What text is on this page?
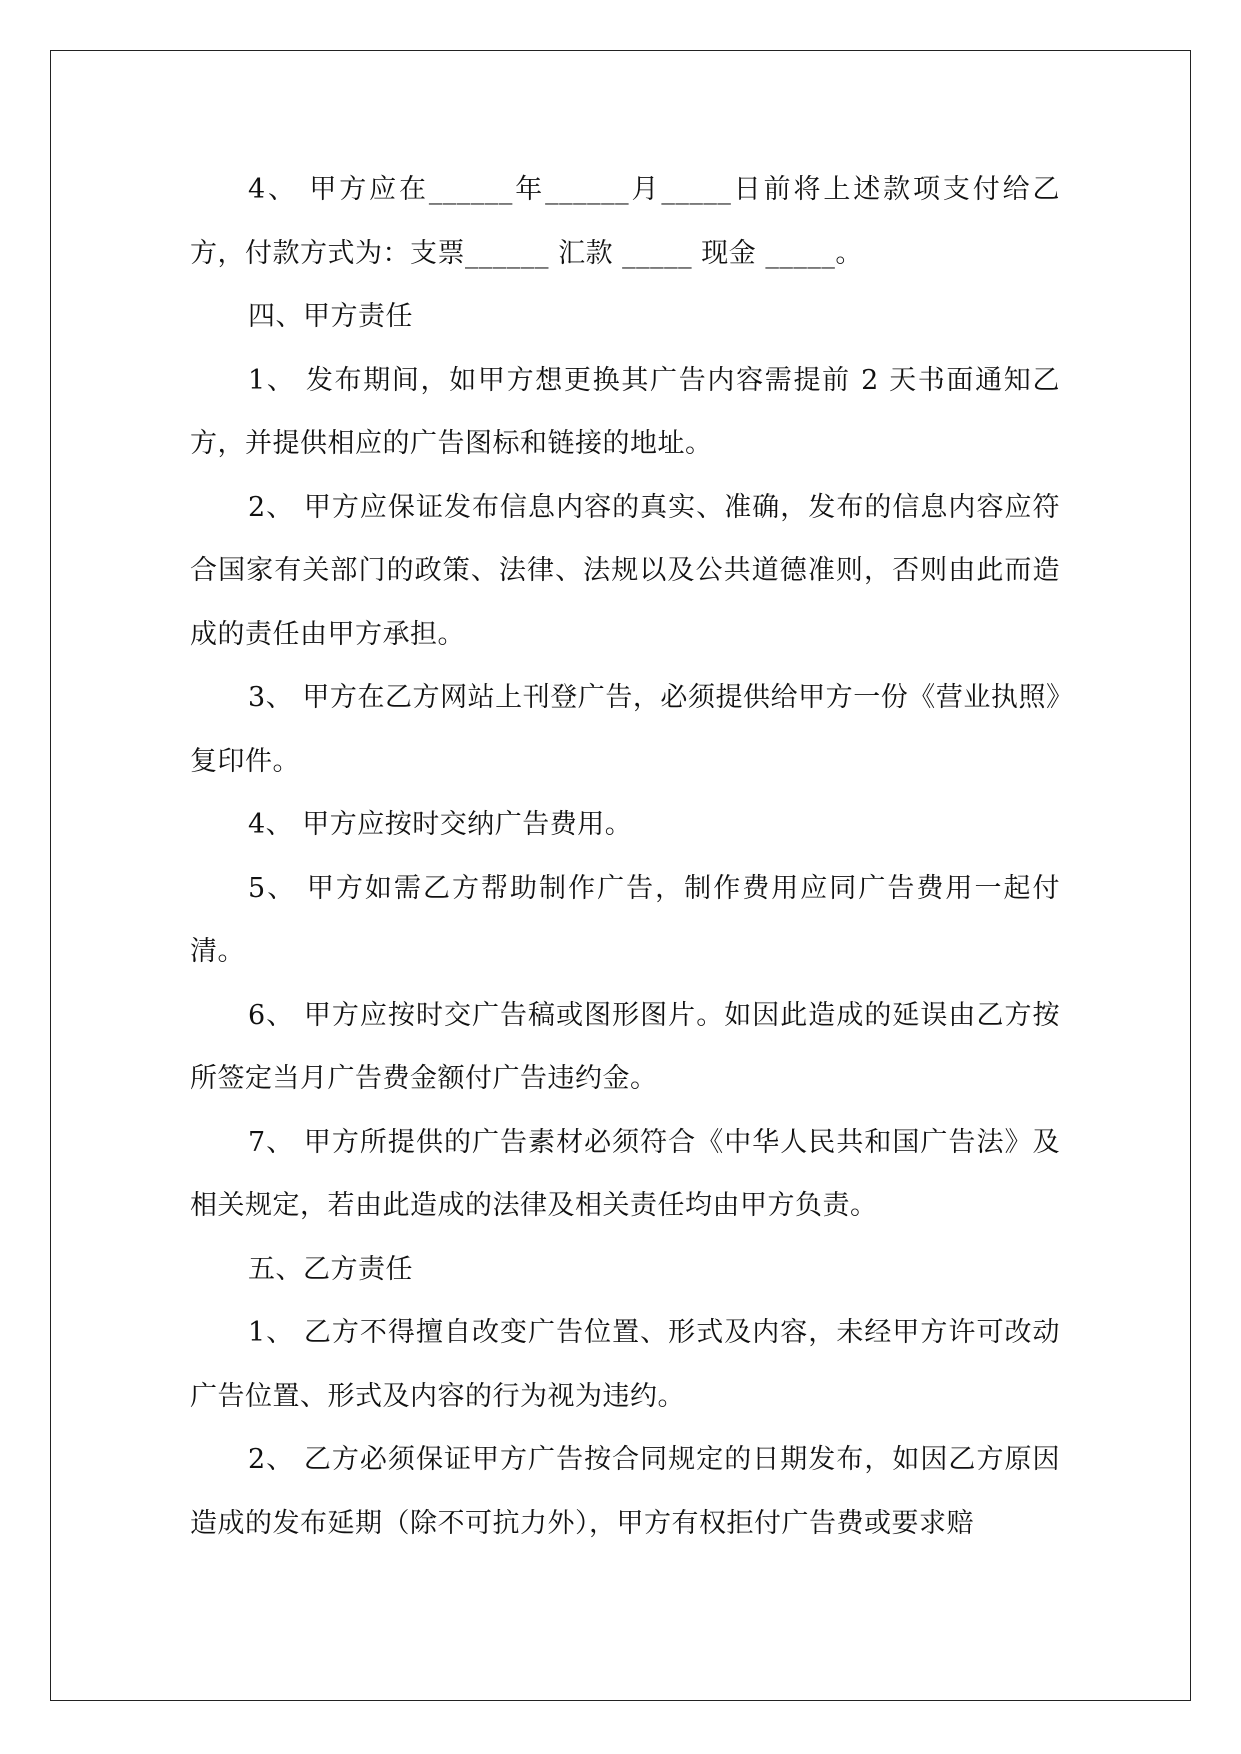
4、 甲方应在______年______月_____日前将上述款项支付给乙方，付款方式为：支票______ 汇款 _____ 现金 _____。

四、甲方责任

1、 发布期间，如甲方想更换其广告内容需提前 2 天书面通知乙方，并提供相应的广告图标和链接的地址。

2、 甲方应保证发布信息内容的真实、准确，发布的信息内容应符合国家有关部门的政策、法律、法规以及公共道德准则，否则由此而造成的责任由甲方承担。

3、 甲方在乙方网站上刊登广告，必须提供给甲方一份《营业执照》复印件。

4、 甲方应按时交纳广告费用。

5、 甲方如需乙方帮助制作广告，制作费用应同广告费用一起付清。

6、 甲方应按时交广告稿或图形图片。如因此造成的延误由乙方按所签定当月广告费金额付广告违约金。

7、 甲方所提供的广告素材必须符合《中华人民共和国广告法》及相关规定，若由此造成的法律及相关责任均由甲方负责。

五、乙方责任

1、 乙方不得擅自改变广告位置、形式及内容，未经甲方许可改动广告位置、形式及内容的行为视为违约。

2、 乙方必须保证甲方广告按合同规定的日期发布，如因乙方原因造成的发布延期（除不可抗力外），甲方有权拒付广告费或要求赔
